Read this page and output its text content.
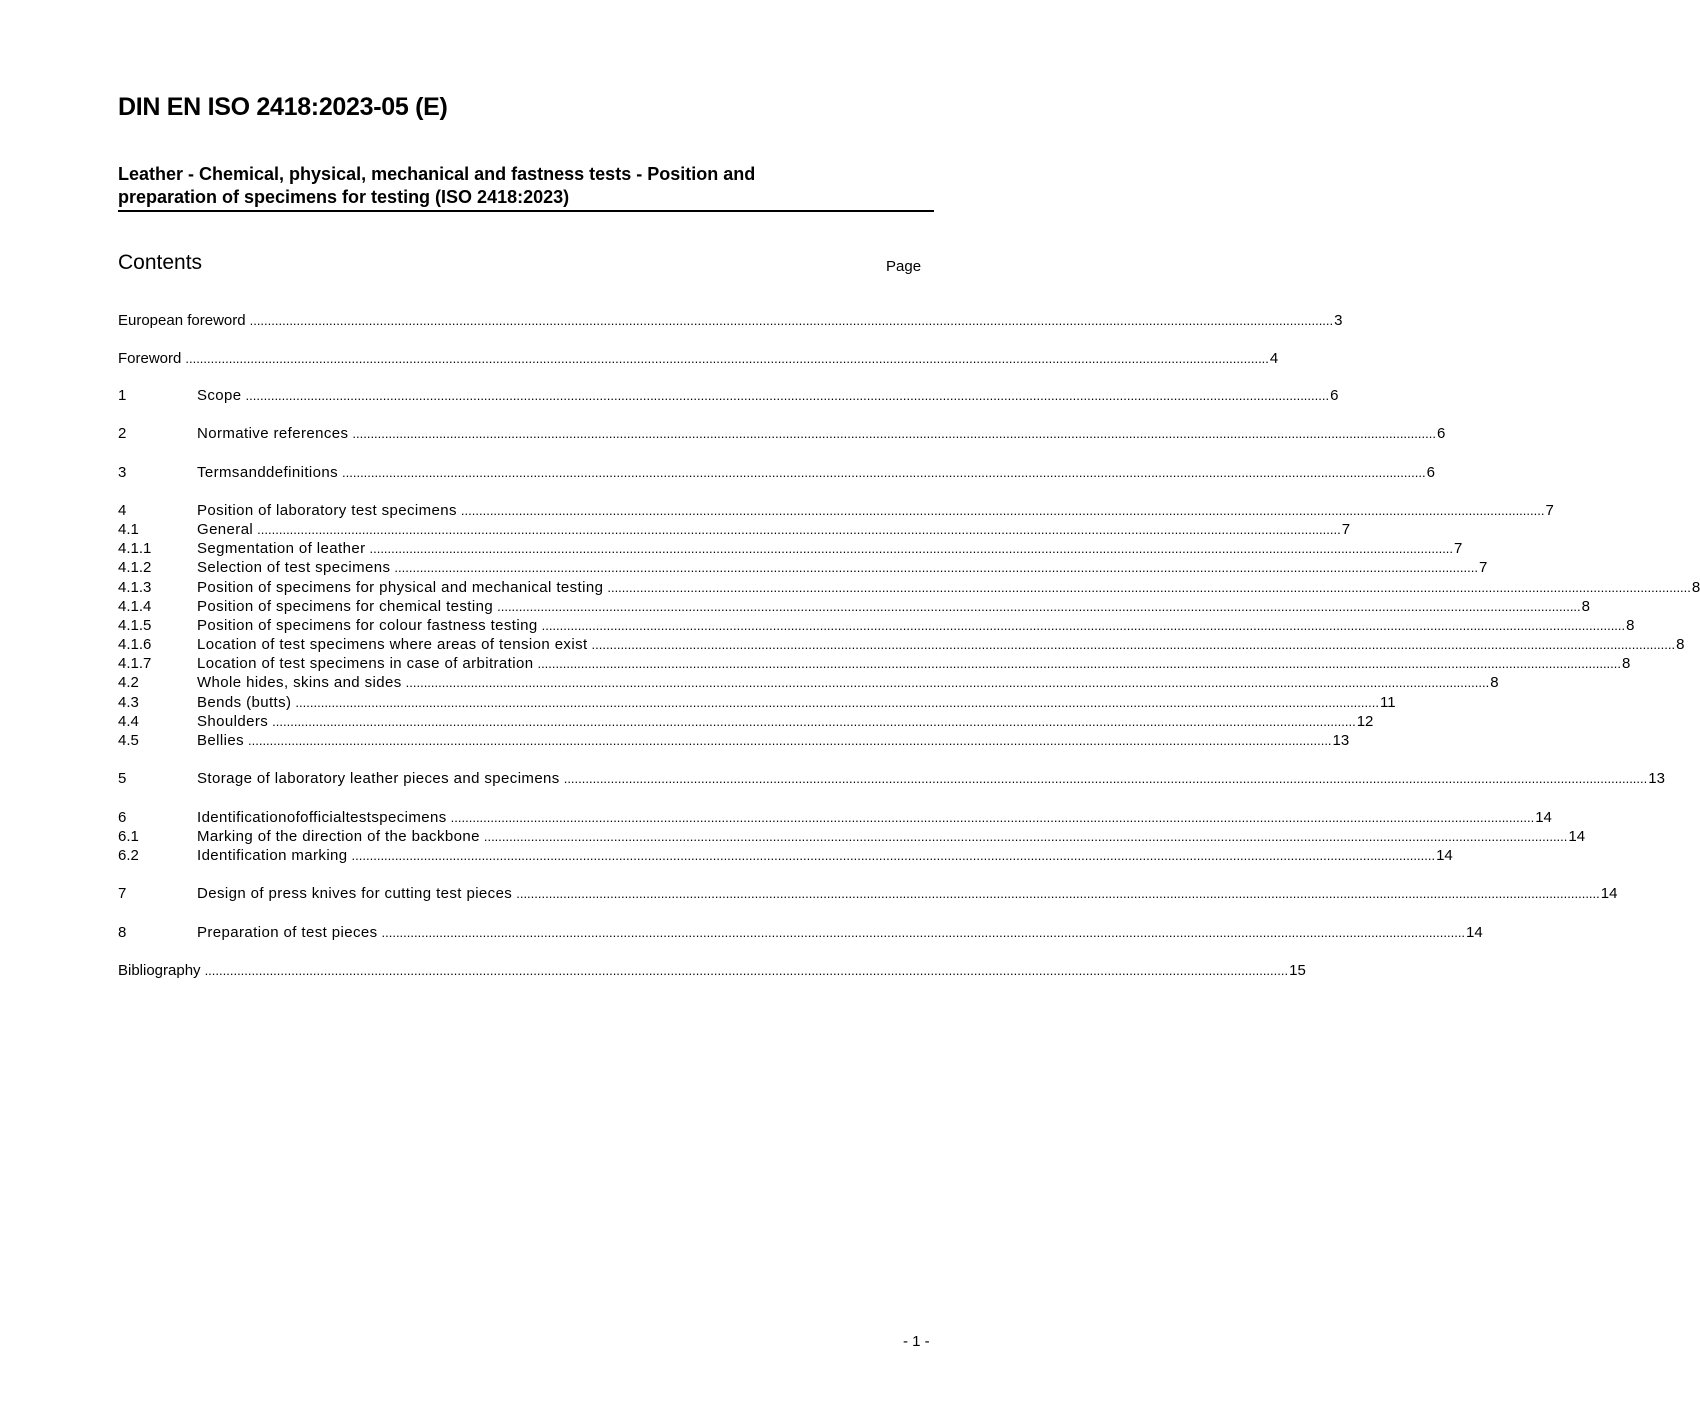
DIN EN ISO 2418:2023-05 (E)
Leather - Chemical, physical, mechanical and fastness tests - Position and
preparation of specimens for testing (ISO 2418:2023)
Contents	Page
European foreword ............................................................................................................................................................................................................................................................................................................ 3
Foreword ............................................................................................................................................................................................................................................................................................................ 4
1	Scope ............................................................................................................................................................................................................................................................................................................ 6
2	Normative references ............................................................................................................................................................................................................................................................................................................ 6
3	Termsanddefinitions ............................................................................................................................................................................................................................................................................................................ 6
4	Position of laboratory test specimens ............................................................................................................................................................................................................................................................................................................ 7
4.1	General ............................................................................................................................................................................................................................................................................................................ 7
4.1.1	Segmentation of leather ............................................................................................................................................................................................................................................................................................................ 7
4.1.2	Selection of test specimens ............................................................................................................................................................................................................................................................................................................ 7
4.1.3	Position of specimens for physical and mechanical testing ............................................................................................................................................................................................................................................................................................................ 8
4.1.4	Position of specimens for chemical testing ............................................................................................................................................................................................................................................................................................................ 8
4.1.5	Position of specimens for colour fastness testing ............................................................................................................................................................................................................................................................................................................ 8
4.1.6	Location of test specimens where areas of tension exist ............................................................................................................................................................................................................................................................................................................ 8
4.1.7	Location of test specimens in case of arbitration ............................................................................................................................................................................................................................................................................................................ 8
4.2	Whole hides, skins and sides ............................................................................................................................................................................................................................................................................................................ 8
4.3	Bends (butts) ............................................................................................................................................................................................................................................................................................................ 11
4.4	Shoulders ............................................................................................................................................................................................................................................................................................................ 12
4.5	Bellies ............................................................................................................................................................................................................................................................................................................ 13
5	Storage of laboratory leather pieces and specimens ............................................................................................................................................................................................................................................................................................................ 13
6	Identificationofofficialtestspecimens ............................................................................................................................................................................................................................................................................................................ 14
6.1	Marking of the direction of the backbone ............................................................................................................................................................................................................................................................................................................ 14
6.2	Identification marking ............................................................................................................................................................................................................................................................................................................ 14
7	Design of press knives for cutting test pieces ............................................................................................................................................................................................................................................................................................................ 14
8	Preparation of test pieces ............................................................................................................................................................................................................................................................................................................ 14
Bibliography ............................................................................................................................................................................................................................................................................................................ 15
- 1 -
